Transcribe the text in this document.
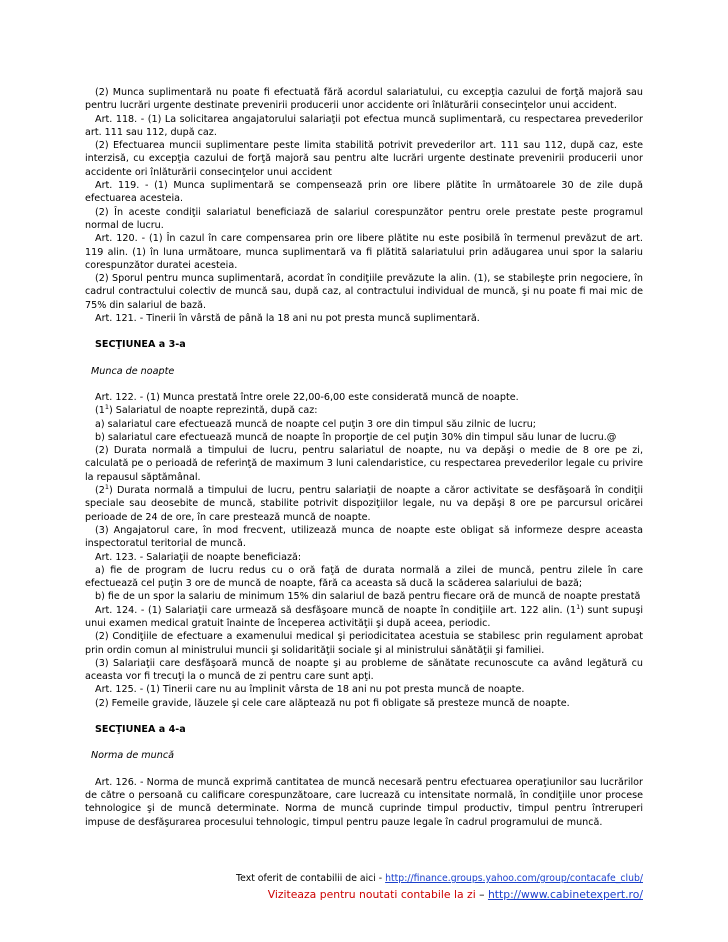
(2) Munca suplimentară nu poate fi efectuată fără acordul salariatului, cu excepţia cazului de forţă majoră sau pentru lucrări urgente destinate prevenirii producerii unor accidente ori înlăturării consecinţelor unui accident.

Art. 118. - (1) La solicitarea angajatorului salariaţii pot efectua muncă suplimentară, cu respectarea prevederilor art. 111 sau 112, după caz.

(2) Efectuarea muncii suplimentare peste limita stabilită potrivit prevederilor art. 111 sau 112, după caz, este interzisă, cu excepţia cazului de forţă majoră sau pentru alte lucrări urgente destinate prevenirii producerii unor accidente ori înlăturării consecinţelor unui accident

Art. 119. - (1) Munca suplimentară se compensează prin ore libere plătite în următoarele 30 de zile după efectuarea acesteia.

(2) În aceste condiţii salariatul beneficiază de salariul corespunzător pentru orele prestate peste programul normal de lucru.

Art. 120. - (1) În cazul în care compensarea prin ore libere plătite nu este posibilă în termenul prevăzut de art. 119 alin. (1) în luna următoare, munca suplimentară va fi plătită salariatului prin adăugarea unui spor la salariu corespunzător duratei acesteia.

(2) Sporul pentru munca suplimentară, acordat în condiţiile prevăzute la alin. (1), se stabileşte prin negociere, în cadrul contractului colectiv de muncă sau, după caz, al contractului individual de muncă, şi nu poate fi mai mic de 75% din salariul de bază.

Art. 121. - Tinerii în vârstă de până la 18 ani nu pot presta muncă suplimentară.

SECŢIUNEA a 3-a

Munca de noapte

Art. 122. - (1) Munca prestată între orele 22,00-6,00 este considerată muncă de noapte.

$(1^1)$ Salariatul de noapte reprezintă, după caz:

a) salariatul care efectuează muncă de noapte cel puţin 3 ore din timpul său zilnic de lucru;

b) salariatul care efectuează muncă de noapte în proporţie de cel puţin 30% din timpul său lunar de lucru.@

(2) Durata normală a timpului de lucru, pentru salariatul de noapte, nu va depăşi o medie de 8 ore pe zi, calculată pe o perioadă de referinţă de maximum 3 luni calendaristice, cu respectarea prevederilor legale cu privire la repausul săptămânal.

$(2^1)$ Durata normală a timpului de lucru, pentru salariaţii de noapte a căror activitate se desfăşoară în condiţii speciale sau deosebite de muncă, stabilite potrivit dispoziţiilor legale, nu va depăşi 8 ore pe parcursul oricărei perioade de 24 de ore, în care prestează muncă de noapte.

(3) Angajatorul care, în mod frecvent, utilizează munca de noapte este obligat să informeze despre aceasta inspectoratul teritorial de muncă.

Art. 123. - Salariaţii de noapte beneficiază:

a) fie de program de lucru redus cu o oră faţă de durata normală a zilei de muncă, pentru zilele în care efectuează cel puţin 3 ore de muncă de noapte, fără ca aceasta să ducă la scăderea salariului de bază;

b) fie de un spor la salariu de minimum 15% din salariul de bază pentru fiecare oră de muncă de noapte prestată

Art. 124. - (1) Salariaţii care urmează să desfăşoare muncă de noapte în condiţiile art. 122 alin. $(1^1)$ sunt supuşi unui examen medical gratuit înainte de începerea activităţii şi după aceea, periodic.

(2) Condiţiile de efectuare a examenului medical şi periodicitatea acestuia se stabilesc prin regulament aprobat prin ordin comun al ministrului muncii şi solidarităţii sociale şi al ministrului sănătăţii şi familiei.

(3) Salariaţii care desfăşoară muncă de noapte şi au probleme de sănătate recunoscute ca având legătură cu aceasta vor fi trecuţi la o muncă de zi pentru care sunt apţi.

Art. 125. - (1) Tinerii care nu au împlinit vârsta de 18 ani nu pot presta muncă de noapte.

(2) Femeile gravide, lăuzele şi cele care alăptează nu pot fi obligate să presteze muncă de noapte.

SECŢIUNEA a 4-a

Norma de muncă

Art. 126. - Norma de muncă exprimă cantitatea de muncă necesară pentru efectuarea operaţiunilor sau lucrărilor de către o persoană cu calificare corespunzătoare, care lucrează cu intensitate normală, în condiţiile unor procese tehnologice şi de muncă determinate. Norma de muncă cuprinde timpul productiv, timpul pentru întreruperi impuse de desfăşurarea procesului tehnologic, timpul pentru pauze legale în cadrul programului de muncă.

Text oferit de contabilii de aici - http://finance.groups.yahoo.com/group/contacafe_club/
Viziteaza pentru noutati contabile la zi – http://www.cabinetexpert.ro/
